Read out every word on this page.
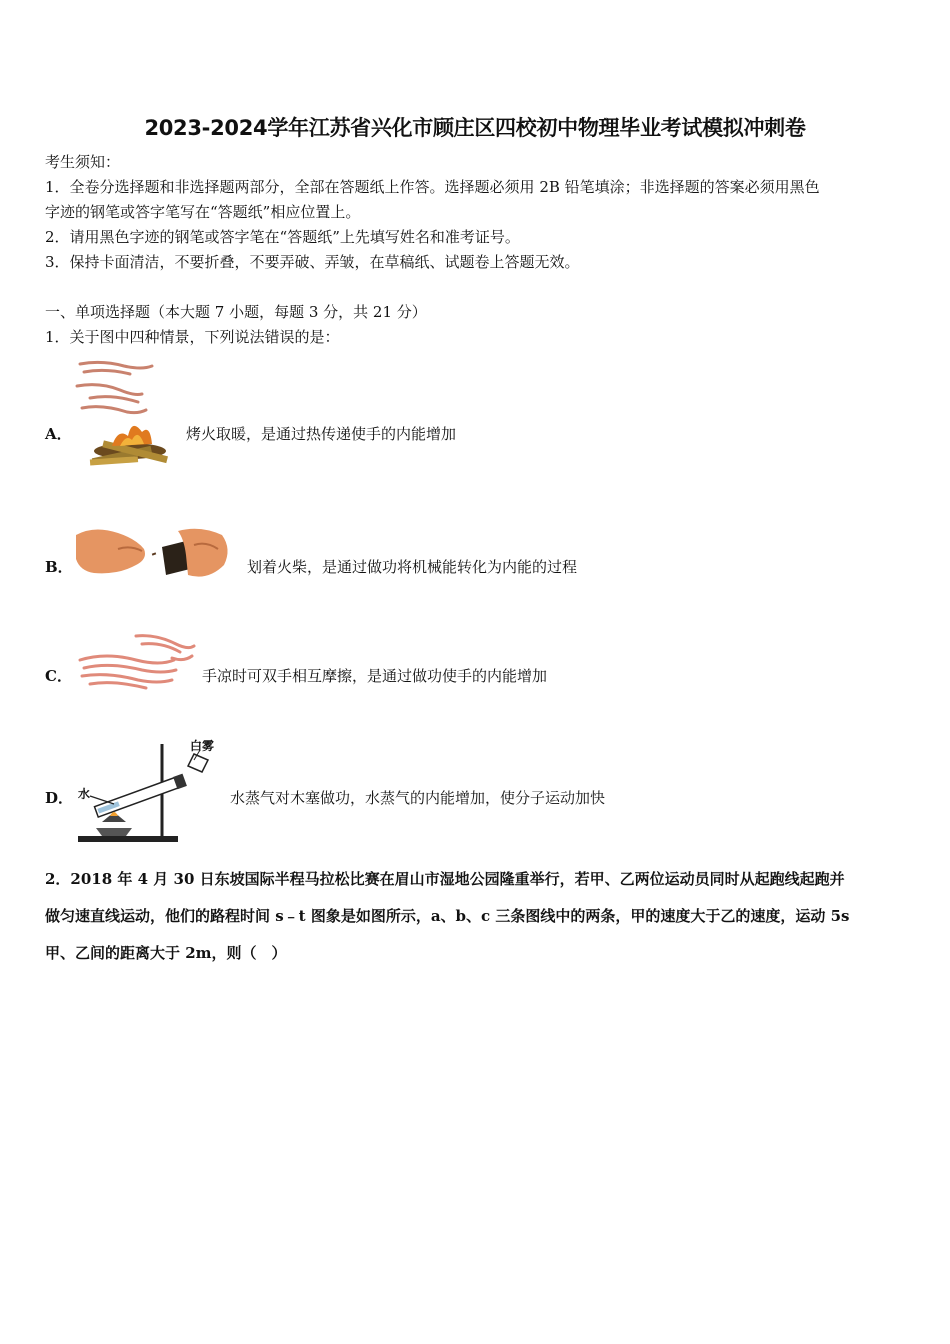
2023-2024学年江苏省兴化市顾庄区四校初中物理毕业考试模拟冲刺卷
考生须知：
1．全卷分选择题和非选择题两部分，全部在答题纸上作答。选择题必须用 2B 铅笔填涂；非选择题的答案必须用黑色
字迹的钢笔或答字笔写在“答题纸”相应位置上。
2．请用黑色字迹的钢笔或答字笔在“答题纸”上先填写姓名和准考证号。
3．保持卡面清洁，不要折叠，不要弄破、弄皱，在草稿纸、试题卷上答题无效。
一、单项选择题（本大题 7 小题，每题 3 分，共 21 分）
1．关于图中四种情景，下列说法错误的是：
A．	烤火取暖，是通过热传递使手的内能增加
B．	划着火柴，是通过做功将机械能转化为内能的过程
C．	手凉时可双手相互摩擦，是通过做功使手的内能增加
D．
白雾
水	水蒸气对木塞做功，水蒸气的内能增加，使分子运动加快
2．2018 年 4 月 30 日东坡国际半程马拉松比赛在眉山市湿地公园隆重举行，若甲、乙两位运动员同时从起跑线起跑并
做匀速直线运动，他们的路程时间 s﹣t 图象是如图所示，a、b、c 三条图线中的两条，甲的速度大于乙的速度，运动 5s
甲、乙间的距离大于 2m，则（　）
